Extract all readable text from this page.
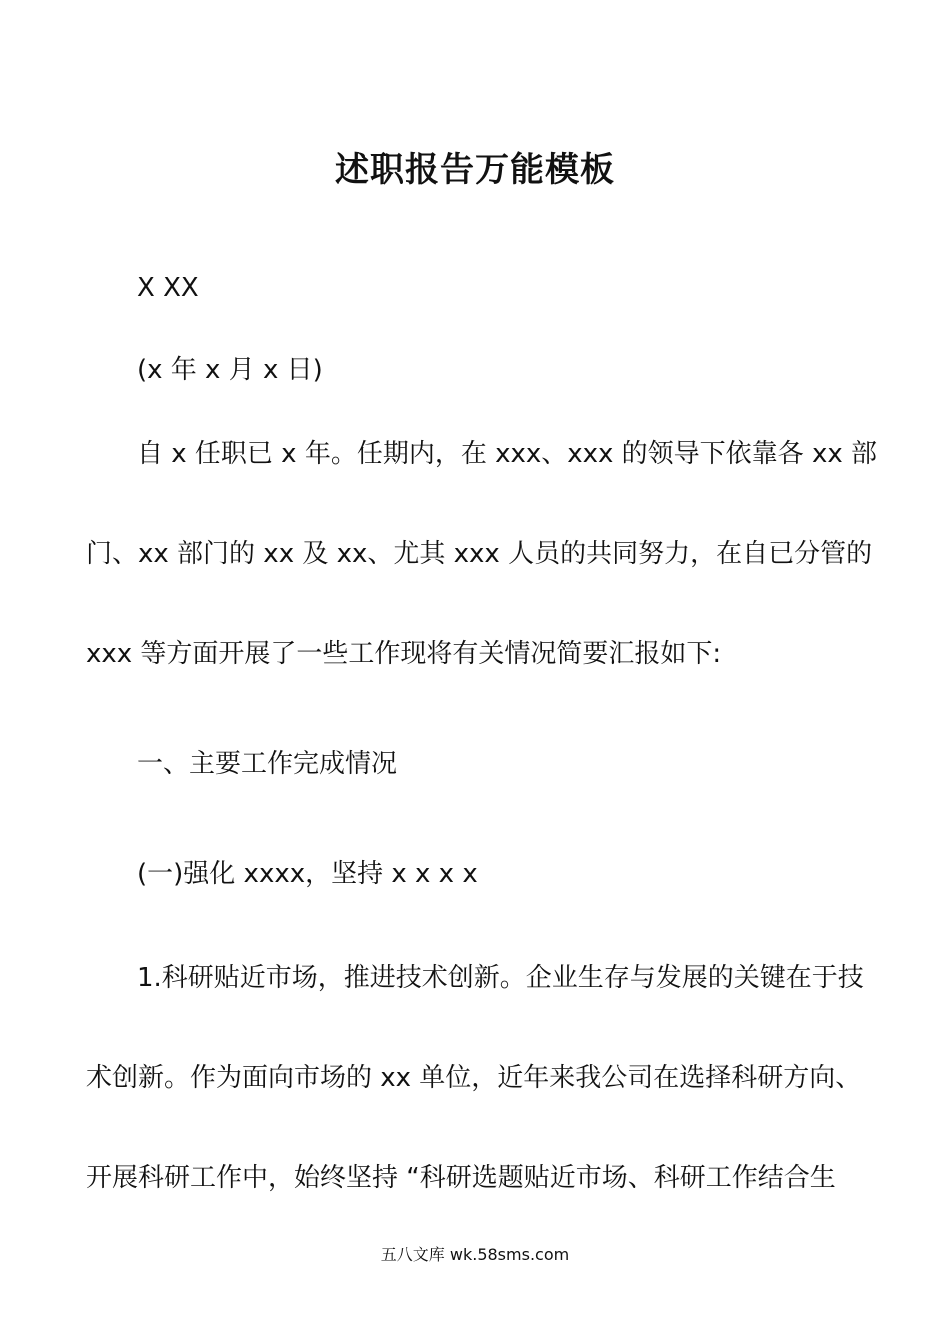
述职报告万能模板
X XX
(x 年 x 月 x 日)
自 x 任职已 x 年。任期内，在 xxx、xxx 的领导下依靠各 xx 部
门、xx 部门的 xx 及 xx、尤其 xxx 人员的共同努力，在自已分管的
xxx 等方面开展了一些工作现将有关情况简要汇报如下:
一、主要工作完成情况
(一)强化 xxxx，坚持 x x x x
1.科研贴近市场，推进技术创新。企业生存与发展的关键在于技
术创新。作为面向市场的 xx 单位，近年来我公司在选择科研方向、
开展科研工作中，始终坚持 “科研选题贴近市场、科研工作结合生
五八文库 wk.58sms.com
